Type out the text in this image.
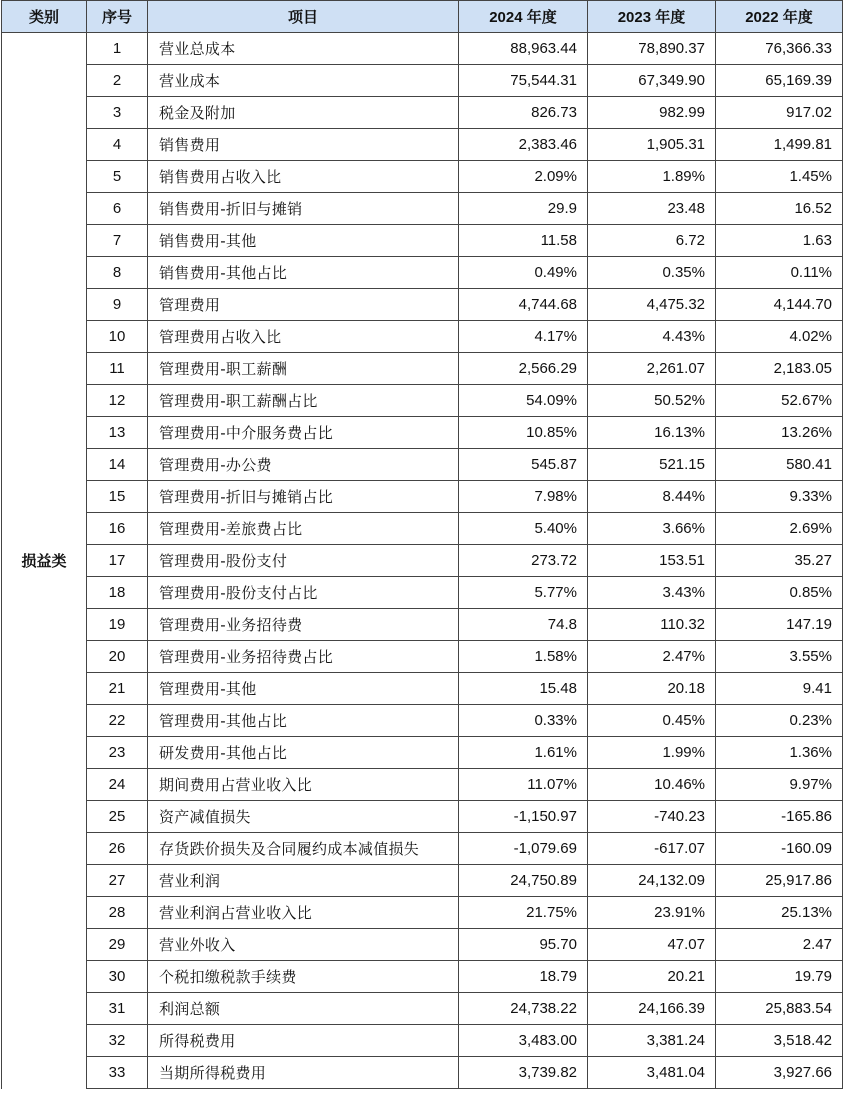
类别	序号	项目	2024 年度	2023 年度	2022 年度
损益类	1	营业总成本	88,963.44	78,890.37	76,366.33
	2	营业成本	75,544.31	67,349.90	65,169.39
	3	税金及附加	826.73	982.99	917.02
	4	销售费用	2,383.46	1,905.31	1,499.81
	5	销售费用占收入比	2.09%	1.89%	1.45%
	6	销售费用-折旧与摊销	29.9	23.48	16.52
	7	销售费用-其他	11.58	6.72	1.63
	8	销售费用-其他占比	0.49%	0.35%	0.11%
	9	管理费用	4,744.68	4,475.32	4,144.70
	10	管理费用占收入比	4.17%	4.43%	4.02%
	11	管理费用-职工薪酬	2,566.29	2,261.07	2,183.05
	12	管理费用-职工薪酬占比	54.09%	50.52%	52.67%
	13	管理费用-中介服务费占比	10.85%	16.13%	13.26%
	14	管理费用-办公费	545.87	521.15	580.41
	15	管理费用-折旧与摊销占比	7.98%	8.44%	9.33%
	16	管理费用-差旅费占比	5.40%	3.66%	2.69%
	17	管理费用-股份支付	273.72	153.51	35.27
	18	管理费用-股份支付占比	5.77%	3.43%	0.85%
	19	管理费用-业务招待费	74.8	110.32	147.19
	20	管理费用-业务招待费占比	1.58%	2.47%	3.55%
	21	管理费用-其他	15.48	20.18	9.41
	22	管理费用-其他占比	0.33%	0.45%	0.23%
	23	研发费用-其他占比	1.61%	1.99%	1.36%
	24	期间费用占营业收入比	11.07%	10.46%	9.97%
	25	资产减值损失	-1,150.97	-740.23	-165.86
	26	存货跌价损失及合同履约成本减值损失	-1,079.69	-617.07	-160.09
	27	营业利润	24,750.89	24,132.09	25,917.86
	28	营业利润占营业收入比	21.75%	23.91%	25.13%
	29	营业外收入	95.70	47.07	2.47
	30	个税扣缴税款手续费	18.79	20.21	19.79
	31	利润总额	24,738.22	24,166.39	25,883.54
	32	所得税费用	3,483.00	3,381.24	3,518.42
	33	当期所得税费用	3,739.82	3,481.04	3,927.66
